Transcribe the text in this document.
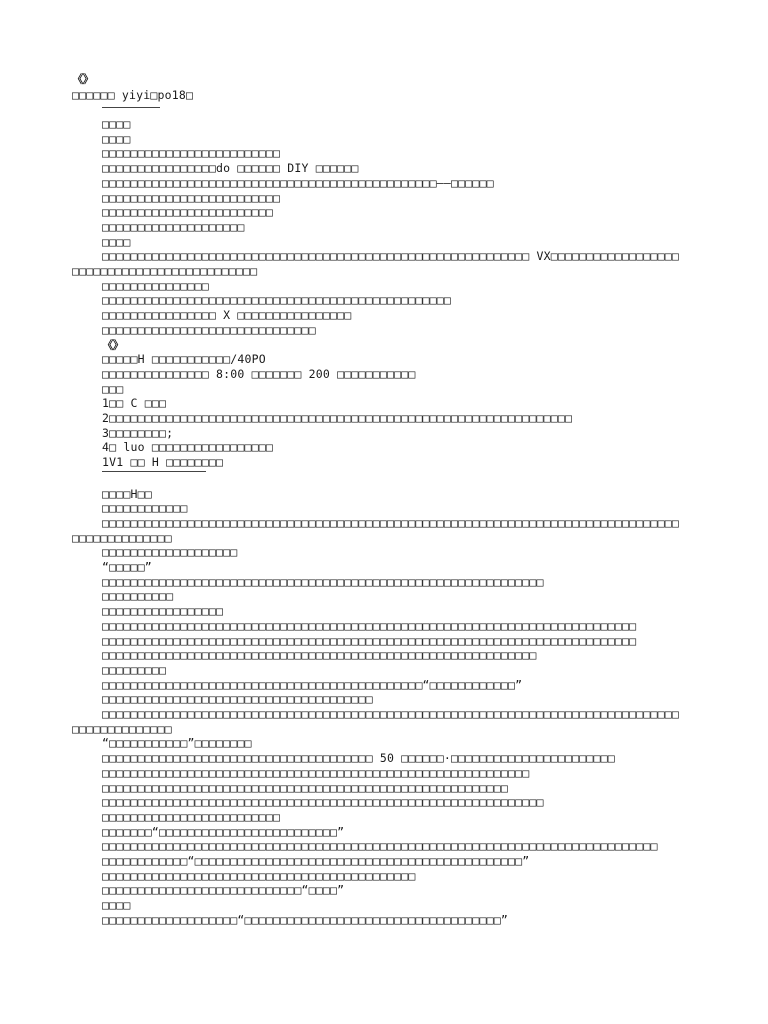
《》
□□□□□□ yiyi□po18□
□□□□
□□□□
□□□□□□□□□□□□□□□□□□□□□□□□□
□□□□□□□□□□□□□□□□do □□□□□□ DIY □□□□□□
□□□□□□□□□□□□□□□□□□□□□□□□□□□□□□□□□□□□□□□□□□□□□□□——□□□□□□
□□□□□□□□□□□□□□□□□□□□□□□□□
□□□□□□□□□□□□□□□□□□□□□□□□
□□□□□□□□□□□□□□□□□□□□
□□□□
□□□□□□□□□□□□□□□□□□□□□□□□□□□□□□□□□□□□□□□□□□□□□□□□□□□□□□□□□□□□ VX□□□□□□□□□□□□□□□□□□
□□□□□□□□□□□□□□□□□□□□□□□□□□
□□□□□□□□□□□□□□□
□□□□□□□□□□□□□□□□□□□□□□□□□□□□□□□□□□□□□□□□□□□□□□□□□
□□□□□□□□□□□□□□□□ X □□□□□□□□□□□□□□□□
□□□□□□□□□□□□□□□□□□□□□□□□□□□□□□
《》
□□□□□H □□□□□□□□□□□/40PO
□□□□□□□□□□□□□□□ 8:00 □□□□□□□ 200 □□□□□□□□□□□
□□□
1□□ C □□□
2□□□□□□□□□□□□□□□□□□□□□□□□□□□□□□□□□□□□□□□□□□□□□□□□□□□□□□□□□□□□□□□□□
3□□□□□□□□;
4□ luo □□□□□□□□□□□□□□□□□
1V1 □□ H □□□□□□□□
□□□□H□□
□□□□□□□□□□□□
□□□□□□□□□□□□□□□□□□□□□□□□□□□□□□□□□□□□□□□□□□□□□□□□□□□□□□□□□□□□□□□□□□□□□□□□□□□□□□□□□
□□□□□□□□□□□□□□
□□□□□□□□□□□□□□□□□□□
“□□□□□”
□□□□□□□□□□□□□□□□□□□□□□□□□□□□□□□□□□□□□□□□□□□□□□□□□□□□□□□□□□□□□□
□□□□□□□□□□
□□□□□□□□□□□□□□□□□
□□□□□□□□□□□□□□□□□□□□□□□□□□□□□□□□□□□□□□□□□□□□□□□□□□□□□□□□□□□□□□□□□□□□□□□□□□□
□□□□□□□□□□□□□□□□□□□□□□□□□□□□□□□□□□□□□□□□□□□□□□□□□□□□□□□□□□□□□□□□□□□□□□□□□□□
□□□□□□□□□□□□□□□□□□□□□□□□□□□□□□□□□□□□□□□□□□□□□□□□□□□□□□□□□□□□□
□□□□□□□□□
□□□□□□□□□□□□□□□□□□□□□□□□□□□□□□□□□□□□□□□□□□□□□“□□□□□□□□□□□□”
□□□□□□□□□□□□□□□□□□□□□□□□□□□□□□□□□□□□□□
□□□□□□□□□□□□□□□□□□□□□□□□□□□□□□□□□□□□□□□□□□□□□□□□□□□□□□□□□□□□□□□□□□□□□□□□□□□□□□□□□
□□□□□□□□□□□□□□
“□□□□□□□□□□□”□□□□□□□□
□□□□□□□□□□□□□□□□□□□□□□□□□□□□□□□□□□□□□□ 50 □□□□□□·□□□□□□□□□□□□□□□□□□□□□□□
□□□□□□□□□□□□□□□□□□□□□□□□□□□□□□□□□□□□□□□□□□□□□□□□□□□□□□□□□□□□
□□□□□□□□□□□□□□□□□□□□□□□□□□□□□□□□□□□□□□□□□□□□□□□□□□□□□□□□□
□□□□□□□□□□□□□□□□□□□□□□□□□□□□□□□□□□□□□□□□□□□□□□□□□□□□□□□□□□□□□□
□□□□□□□□□□□□□□□□□□□□□□□□□
□□□□□□□“□□□□□□□□□□□□□□□□□□□□□□□□□”
□□□□□□□□□□□□□□□□□□□□□□□□□□□□□□□□□□□□□□□□□□□□□□□□□□□□□□□□□□□□□□□□□□□□□□□□□□□□□□
□□□□□□□□□□□□“□□□□□□□□□□□□□□□□□□□□□□□□□□□□□□□□□□□□□□□□□□□□□□”
□□□□□□□□□□□□□□□□□□□□□□□□□□□□□□□□□□□□□□□□□□□□
□□□□□□□□□□□□□□□□□□□□□□□□□□□□“□□□□”
□□□□
□□□□□□□□□□□□□□□□□□□“□□□□□□□□□□□□□□□□□□□□□□□□□□□□□□□□□□□□”
